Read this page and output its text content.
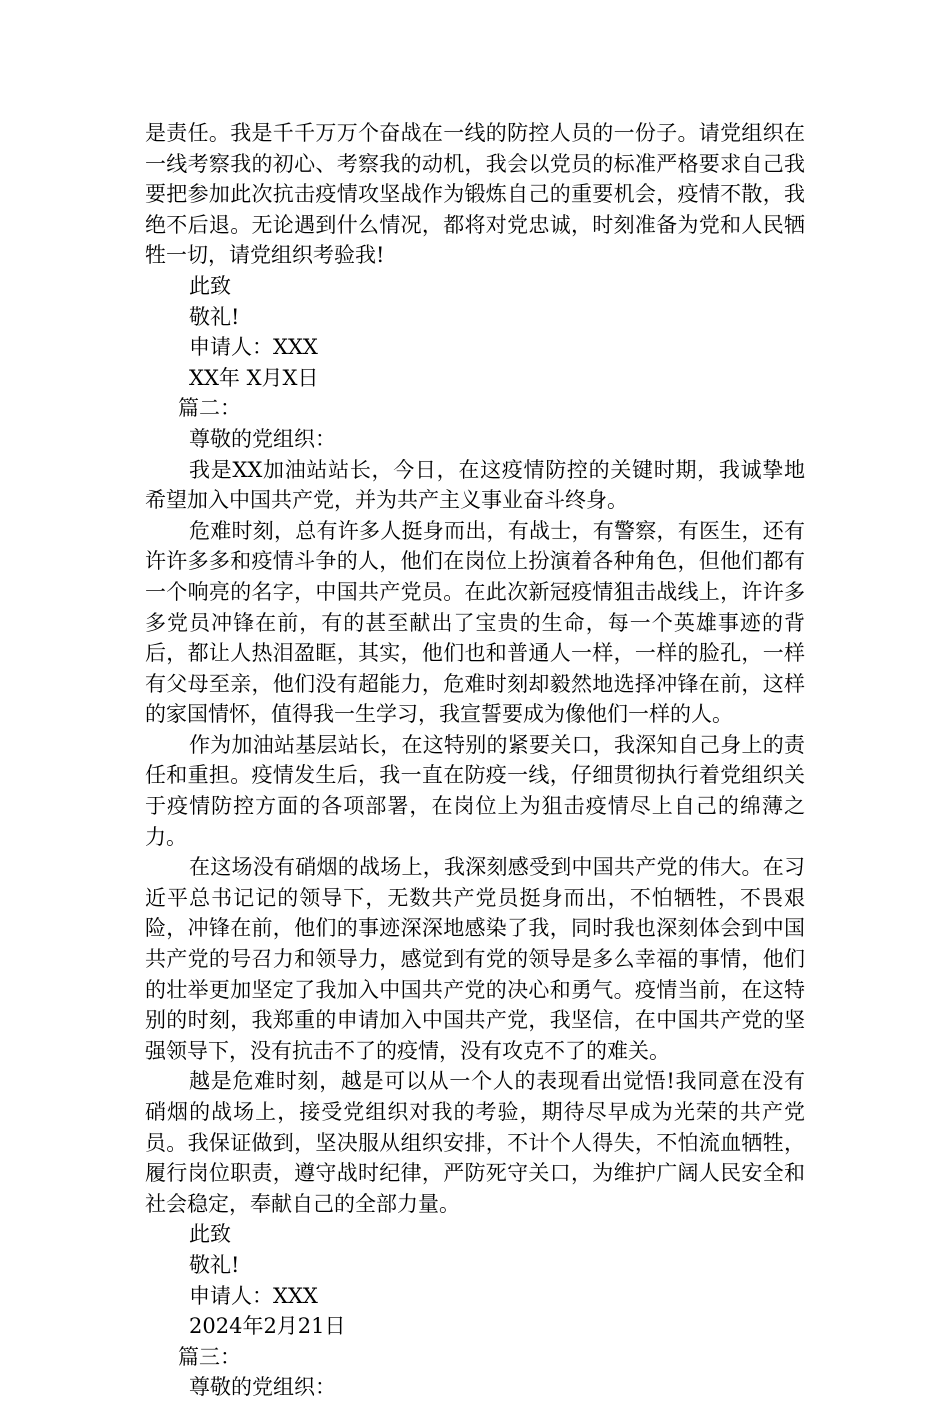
是责任。我是千千万万个奋战在一线的防控人员的一份子。请党组织在一线考察我的初心、考察我的动机，我会以党员的标准严格要求自己我要把参加此次抗击疫情攻坚战作为锻炼自己的重要机会，疫情不散，我绝不后退。无论遇到什么情况，都将对党忠诚，时刻准备为党和人民牺牲一切，请党组织考验我!

此致

敬礼!

申请人：XXX

XX年 X月X日

篇二：

尊敬的党组织：

我是XX加油站站长，今日，在这疫情防控的关键时期，我诚挚地希望加入中国共产党，并为共产主义事业奋斗终身。

危难时刻，总有许多人挺身而出，有战士，有警察，有医生，还有许许多多和疫情斗争的人，他们在岗位上扮演着各种角色，但他们都有一个响亮的名字，中国共产党员。在此次新冠疫情狙击战线上，许许多多党员冲锋在前，有的甚至献出了宝贵的生命，每一个英雄事迹的背后，都让人热泪盈眶，其实，他们也和普通人一样，一样的脸孔，一样有父母至亲，他们没有超能力，危难时刻却毅然地选择冲锋在前，这样的家国情怀，值得我一生学习，我宣誓要成为像他们一样的人。

作为加油站基层站长，在这特别的紧要关口，我深知自己身上的责任和重担。疫情发生后，我一直在防疫一线，仔细贯彻执行着党组织关于疫情防控方面的各项部署，在岗位上为狙击疫情尽上自己的绵薄之力。

在这场没有硝烟的战场上，我深刻感受到中国共产党的伟大。在习近平总书记记的领导下，无数共产党员挺身而出，不怕牺牲，不畏艰险，冲锋在前，他们的事迹深深地感染了我，同时我也深刻体会到中国共产党的号召力和领导力，感觉到有党的领导是多么幸福的事情，他们的壮举更加坚定了我加入中国共产党的决心和勇气。疫情当前，在这特别的时刻，我郑重的申请加入中国共产党，我坚信，在中国共产党的坚强领导下，没有抗击不了的疫情，没有攻克不了的难关。

越是危难时刻，越是可以从一个人的表现看出觉悟!我同意在没有硝烟的战场上，接受党组织对我的考验，期待尽早成为光荣的共产党员。我保证做到，坚决服从组织安排，不计个人得失，不怕流血牺牲，履行岗位职责，遵守战时纪律，严防死守关口，为维护广阔人民安全和社会稳定，奉献自己的全部力量。

此致

敬礼!

申请人：XXX

2024年2月21日

篇三：

尊敬的党组织：
